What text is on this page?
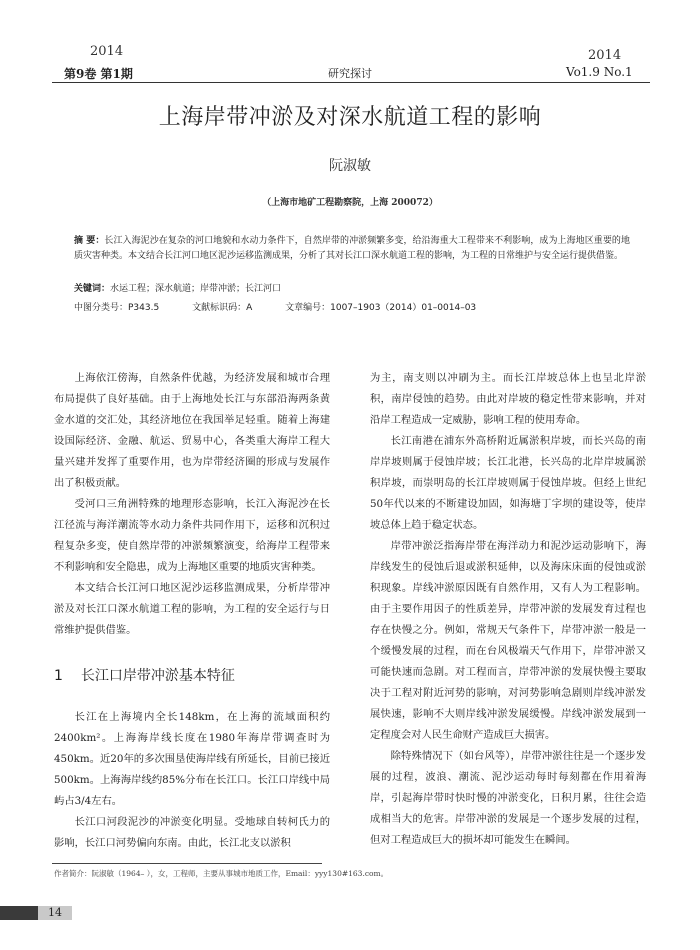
2014
第9卷 第1期	研究探讨
2014
Vo1.9 No.1
上海岸带冲淤及对深水航道工程的影响
阮淑敏
（上海市地矿工程勘察院，上海 200072）
摘 要：长江入海泥沙在复杂的河口地貌和水动力条件下，自然岸带的冲淤频繁多变，给沿海重大工程带来不利影响，成为上海地区重要的地质灾害种类。本文结合长江河口地区泥沙运移监测成果，分析了其对长江口深水航道工程的影响，为工程的日常维护与安全运行提供借鉴。
关键词：水运工程；深水航道；岸带冲淤；长江河口
中图分类号：P343.5	文献标识码：A	文章编号：1007–1903（2014）01–0014–03

上海依江傍海，自然条件优越，为经济发展和城市合理布局提供了良好基础。由于上海地处长江与东部沿海两条黄金水道的交汇处，其经济地位在我国举足轻重。随着上海建设国际经济、金融、航运、贸易中心，各类重大海岸工程大量兴建并发挥了重要作用，也为岸带经济圈的形成与发展作出了积极贡献。

受河口三角洲特殊的地理形态影响，长江入海泥沙在长江径流与海洋潮流等水动力条件共同作用下，运移和沉积过程复杂多变，使自然岸带的冲淤频繁演变，给海岸工程带来不利影响和安全隐患，成为上海地区重要的地质灾害种类。

本文结合长江河口地区泥沙运移监测成果，分析岸带冲淤及对长江口深水航道工程的影响，为工程的安全运行与日常维护提供借鉴。

1 长江口岸带冲淤基本特征

长江在上海境内全长148km，在上海的流域面积约2400km²。上海海岸线长度在1980年海岸带调查时为450km。近20年的多次围垦使海岸线有所延长，目前已接近500km。上海海岸线约85%分布在长江口。长江口岸线中局屿占3/4左右。

长江口河段泥沙的冲淤变化明显。受地球自转柯氏力的影响，长江口河势偏向东南。由此，长江北支以淤积

为主，南支则以冲刷为主。而长江岸坡总体上也呈北岸淤积，南岸侵蚀的趋势。由此对岸坡的稳定性带来影响，并对沿岸工程造成一定威胁，影响工程的使用寿命。

长江南港在浦东外高桥附近属淤积岸坡，而长兴岛的南岸岸坡则属于侵蚀岸坡；长江北港，长兴岛的北岸岸坡属淤积岸坡，而崇明岛的长江岸坡则属于侵蚀岸坡。但经上世纪50年代以来的不断建设加固，如海塘丁字坝的建设等，使岸坡总体上趋于稳定状态。

岸带冲淤泛指海岸带在海洋动力和泥沙运动影响下，海岸线发生的侵蚀后退或淤积延伸，以及海床床面的侵蚀或淤积现象。岸线冲淤原因既有自然作用，又有人为工程影响。由于主要作用因子的性质差异，岸带冲淤的发展发育过程也存在快慢之分。例如，常规天气条件下，岸带冲淤一般是一个缓慢发展的过程，而在台风极端天气作用下，岸带冲淤又可能快速而急剧。对工程而言，岸带冲淤的发展快慢主要取决于工程对附近河势的影响，对河势影响急剧则岸线冲淤发展快速，影响不大则岸线冲淤发展缓慢。岸线冲淤发展到一定程度会对人民生命财产造成巨大损害。

除特殊情况下（如台风等），岸带冲淤往往是一个逐步发展的过程，波浪、潮流、泥沙运动每时每刻都在作用着海岸，引起海岸带时快时慢的冲淤变化，日积月累，往往会造成相当大的危害。岸带冲淤的发展是一个逐步发展的过程，但对工程造成巨大的损坏却可能发生在瞬间。

作者简介：阮淑敏（1964– ），女，工程师，主要从事城市地质工作，Email：yyy130#163.com。
14
